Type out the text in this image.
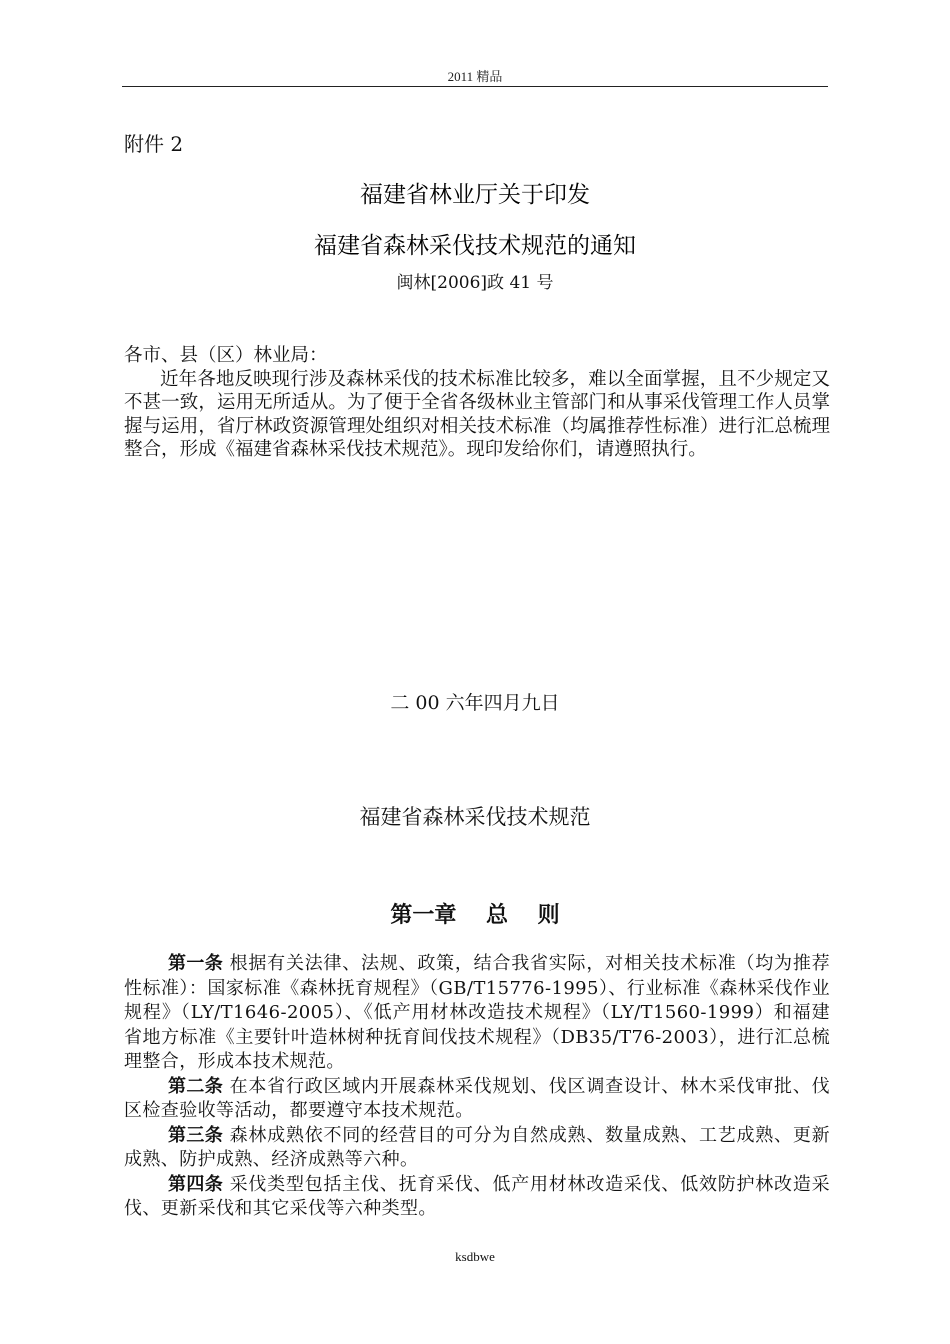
2011 精品
附件 2
福建省林业厅关于印发
福建省森林采伐技术规范的通知
闽林[2006]政 41 号

各市、县（区）林业局：

近年各地反映现行涉及森林采伐的技术标准比较多，难以全面掌握，且不少规定又不甚一致，运用无所适从。为了便于全省各级林业主管部门和从事采伐管理工作人员掌握与运用，省厅林政资源管理处组织对相关技术标准（均属推荐性标准）进行汇总梳理整合，形成《福建省森林采伐技术规范》。现印发给你们，请遵照执行。

二 00 六年四月九日
福建省森林采伐技术规范
第一章　 总　 则

第一条 根据有关法律、法规、政策，结合我省实际，对相关技术标准（均为推荐性标准）：国家标准《森林抚育规程》（GB/T15776-1995）、行业标准《森林采伐作业规程》（LY/T1646-2005）、《低产用材林改造技术规程》（LY/T1560-1999）和福建省地方标准《主要针叶造林树种抚育间伐技术规程》（DB35/T76-2003），进行汇总梳理整合，形成本技术规范。

第二条 在本省行政区域内开展森林采伐规划、伐区调查设计、林木采伐审批、伐区检查验收等活动，都要遵守本技术规范。

第三条 森林成熟依不同的经营目的可分为自然成熟、数量成熟、工艺成熟、更新成熟、防护成熟、经济成熟等六种。

第四条 采伐类型包括主伐、抚育采伐、低产用材林改造采伐、低效防护林改造采伐、更新采伐和其它采伐等六种类型。

ksdbwe
